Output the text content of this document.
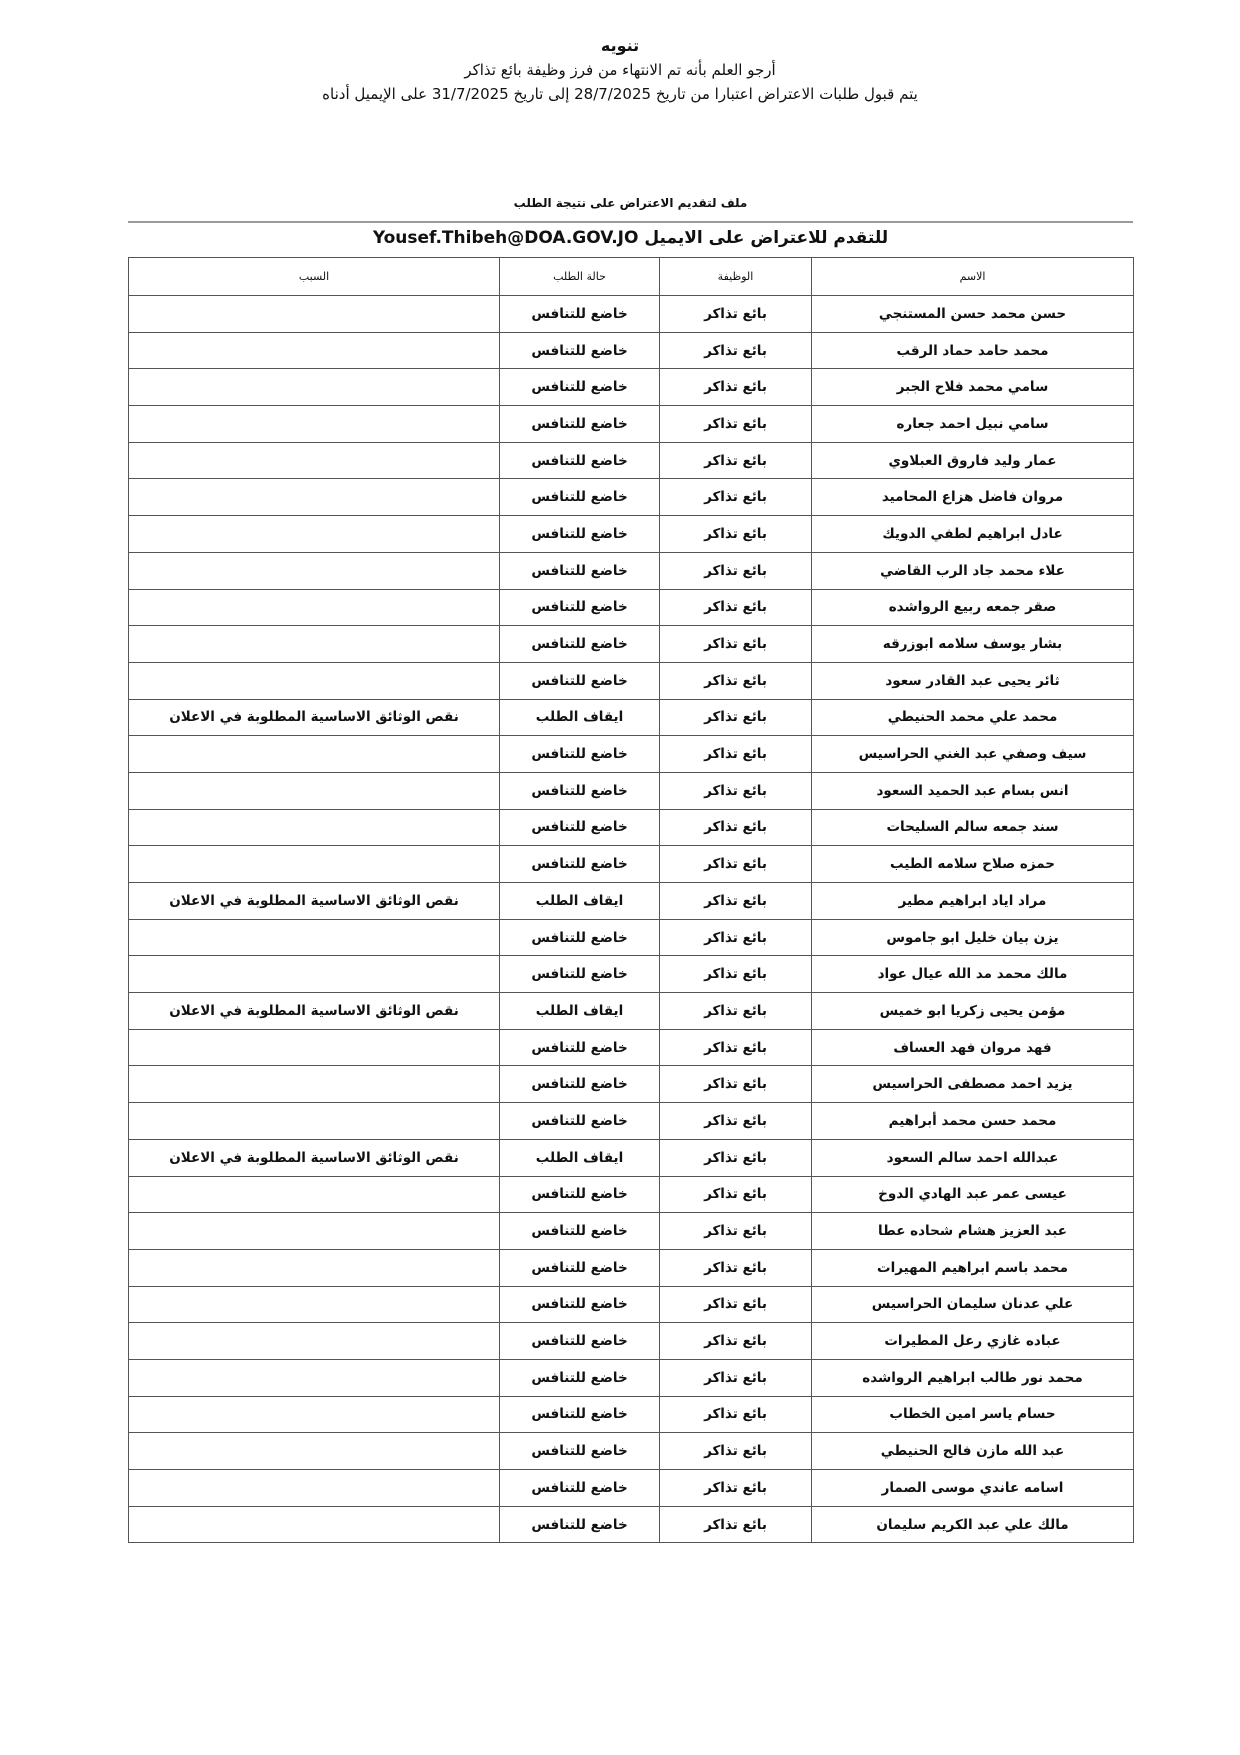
تنويه
أرجو العلم بأنه تم الانتهاء من فرز وظيفة بائع تذاكر
يتم قبول طلبات الاعتراض اعتبارا من تاريخ 28/7/2025 إلى تاريخ 31/7/2025 على الإيميل أدناه
ملف لتقديم الاعتراض على نتيجة الطلب
للتقدم للاعتراض على الايميل Yousef.Thibeh@DOA.GOV.JO
الاسم	الوظيفة	حالة الطلب	السبب
حسن محمد حسن المستنجي	بائع تذاكر	خاضع للتنافس	
محمد حامد حماد الرقب	بائع تذاكر	خاضع للتنافس	
سامي محمد فلاح الجبر	بائع تذاكر	خاضع للتنافس	
سامي نبيل احمد جعاره	بائع تذاكر	خاضع للتنافس	
عمار وليد فاروق العبلاوي	بائع تذاكر	خاضع للتنافس	
مروان فاضل هزاع المحاميد	بائع تذاكر	خاضع للتنافس	
عادل ابراهيم لطفي الدويك	بائع تذاكر	خاضع للتنافس	
علاء محمد جاد الرب القاضي	بائع تذاكر	خاضع للتنافس	
صقر جمعه ربيع الرواشده	بائع تذاكر	خاضع للتنافس	
بشار يوسف سلامه ابوزرقه	بائع تذاكر	خاضع للتنافس	
ثائر يحيى عبد القادر سعود	بائع تذاكر	خاضع للتنافس	
محمد علي محمد الحنيطي	بائع تذاكر	ايقاف الطلب	نقص الوثائق الاساسية المطلوبة في الاعلان
سيف وصفي عبد الغني الحراسيس	بائع تذاكر	خاضع للتنافس	
انس بسام عبد الحميد السعود	بائع تذاكر	خاضع للتنافس	
سند جمعه سالم السليحات	بائع تذاكر	خاضع للتنافس	
حمزه صلاح سلامه الطيب	بائع تذاكر	خاضع للتنافس	
مراد اياد ابراهيم مطير	بائع تذاكر	ايقاف الطلب	نقص الوثائق الاساسية المطلوبة في الاعلان
يزن بيان خليل ابو جاموس	بائع تذاكر	خاضع للتنافس	
مالك محمد مد الله عيال عواد	بائع تذاكر	خاضع للتنافس	
مؤمن يحيى زكريا ابو خميس	بائع تذاكر	ايقاف الطلب	نقص الوثائق الاساسية المطلوبة في الاعلان
فهد مروان فهد العساف	بائع تذاكر	خاضع للتنافس	
يزيد احمد مصطفى الحراسيس	بائع تذاكر	خاضع للتنافس	
محمد حسن محمد أبراهيم	بائع تذاكر	خاضع للتنافس	
عبدالله احمد سالم السعود	بائع تذاكر	ايقاف الطلب	نقص الوثائق الاساسية المطلوبة في الاعلان
عيسى عمر عبد الهادي الدوخ	بائع تذاكر	خاضع للتنافس	
عبد العزيز هشام شحاده عطا	بائع تذاكر	خاضع للتنافس	
محمد باسم ابراهيم المهيرات	بائع تذاكر	خاضع للتنافس	
علي عدنان سليمان الحراسيس	بائع تذاكر	خاضع للتنافس	
عباده غازي رعل المطيرات	بائع تذاكر	خاضع للتنافس	
محمد نور طالب ابراهيم الرواشده	بائع تذاكر	خاضع للتنافس	
حسام ياسر امين الخطاب	بائع تذاكر	خاضع للتنافس	
عبد الله مازن فالح الحنيطي	بائع تذاكر	خاضع للتنافس	
اسامه عاندي موسى الصمار	بائع تذاكر	خاضع للتنافس	
مالك علي عبد الكريم سليمان	بائع تذاكر	خاضع للتنافس	
